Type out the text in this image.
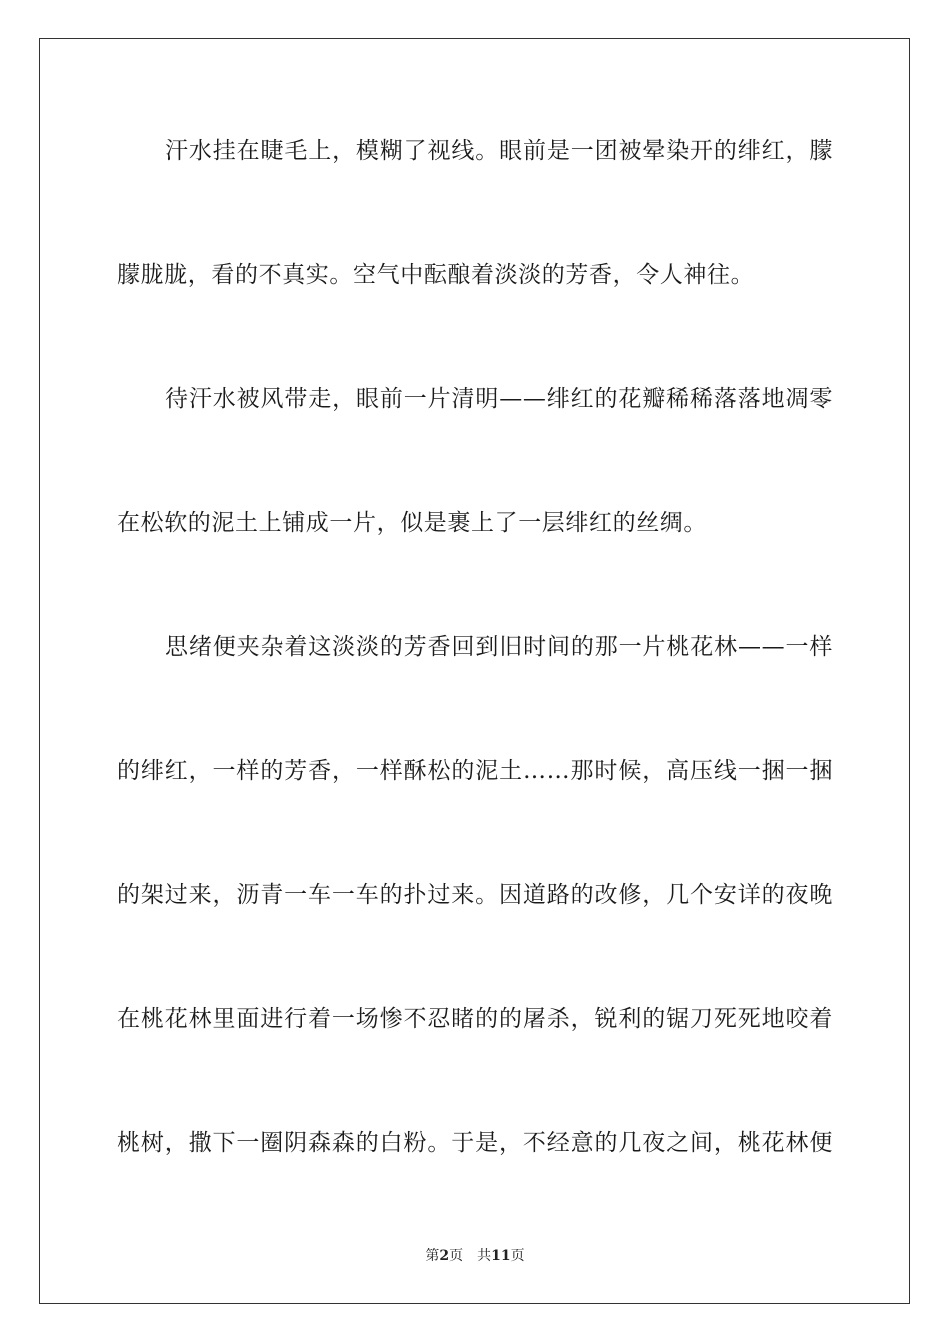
汗水挂在睫毛上，模糊了视线。眼前是一团被晕染开的绯红，朦
朦胧胧，看的不真实。空气中酝酿着淡淡的芳香，令人神往。
待汗水被风带走，眼前一片清明——绯红的花瓣稀稀落落地凋零
在松软的泥土上铺成一片，似是裹上了一层绯红的丝绸。
思绪便夹杂着这淡淡的芳香回到旧时间的那一片桃花林——一样
的绯红，一样的芳香，一样酥松的泥土……那时候，高压线一捆一捆
的架过来，沥青一车一车的扑过来。因道路的改修，几个安详的夜晚
在桃花林里面进行着一场惨不忍睹的的屠杀，锐利的锯刀死死地咬着
桃树，撒下一圈阴森森的白粉。于是，不经意的几夜之间，桃花林便
第2页 共11页
